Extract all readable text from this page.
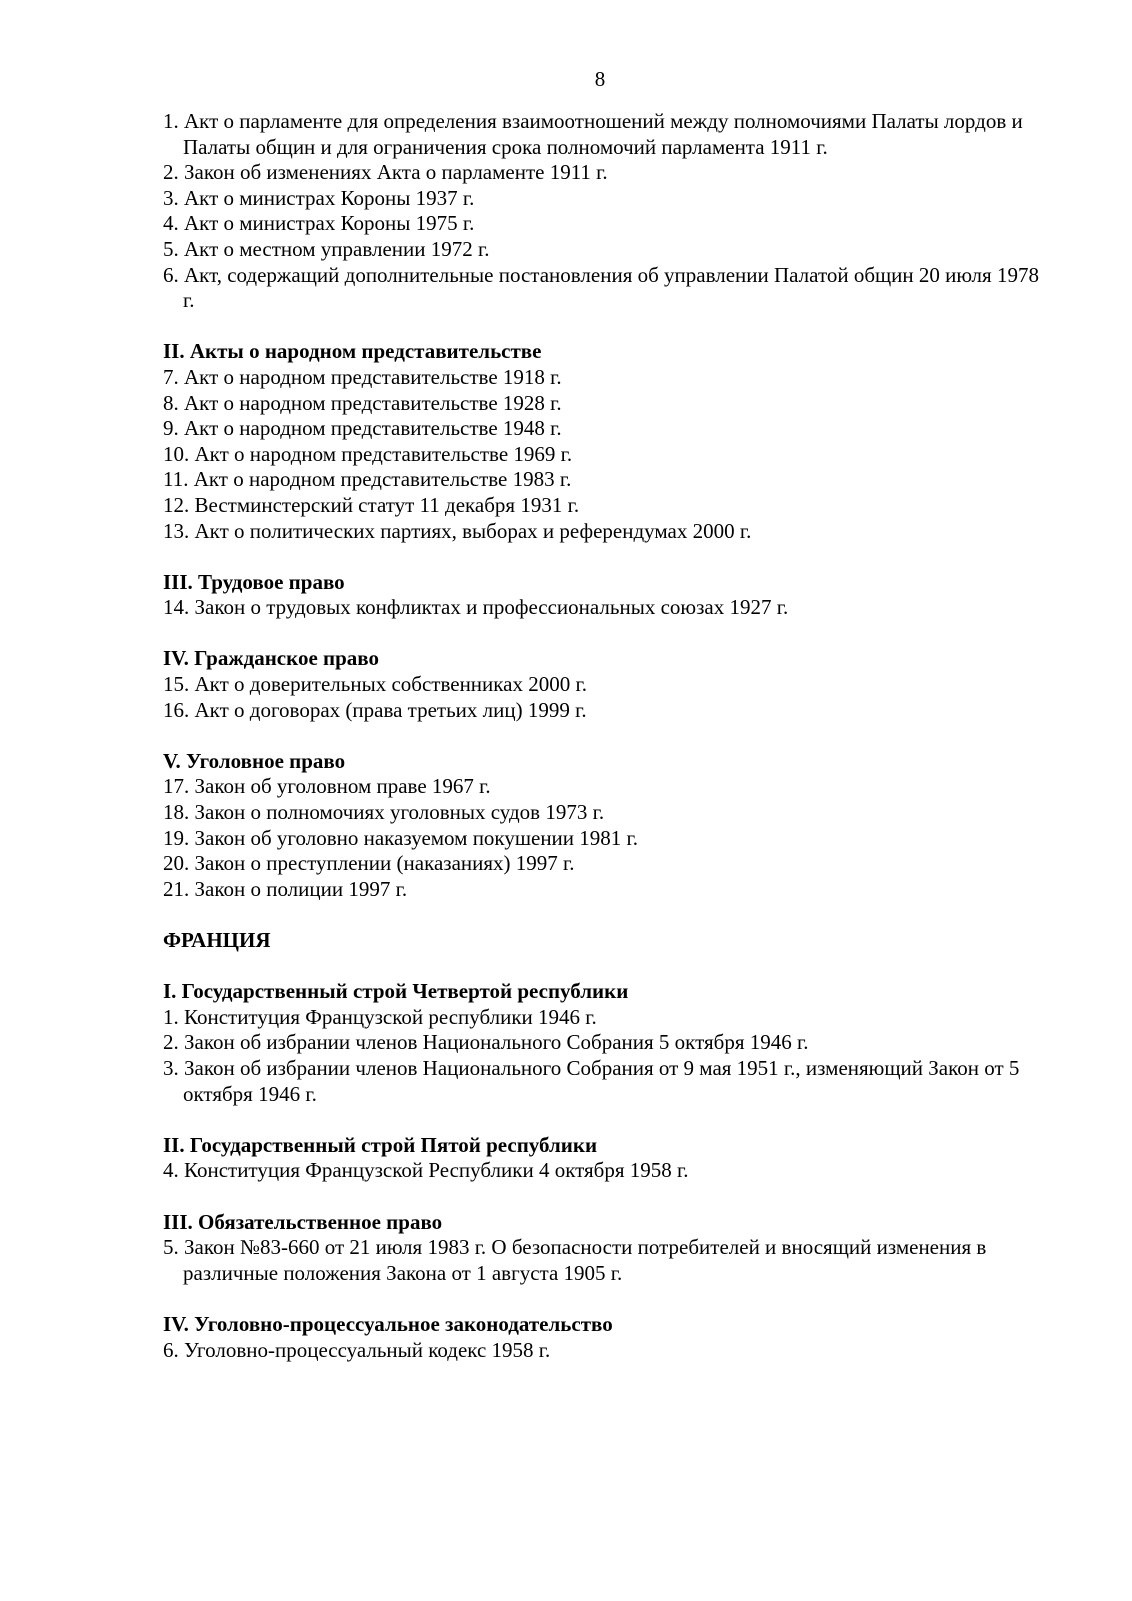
8

1. Акт о парламенте для определения взаимоотношений между полномочиями Палаты лордов и Палаты общин и для ограничения срока полномочий парламента 1911 г.

2. Закон об изменениях Акта о парламенте 1911 г.

3. Акт о министрах Короны 1937 г.

4. Акт о министрах Короны 1975 г.

5. Акт о местном управлении 1972 г.

6. Акт, содержащий дополнительные постановления об управлении Палатой общин 20 июля 1978 г.

II. Акты о народном представительстве

7. Акт о народном представительстве 1918 г.

8. Акт о народном представительстве 1928 г.

9. Акт о народном представительстве 1948 г.

10. Акт о народном представительстве 1969 г.

11. Акт о народном представительстве 1983 г.

12. Вестминстерский статут 11 декабря 1931 г.

13. Акт о политических партиях, выборах и референдумах 2000 г.

III. Трудовое право

14. Закон о трудовых конфликтах и профессиональных союзах 1927 г.

IV. Гражданское право

15. Акт о доверительных собственниках 2000 г.

16. Акт о договорах (права третьих лиц) 1999 г.

V. Уголовное право

17. Закон об уголовном праве 1967 г.

18. Закон о полномочиях уголовных судов 1973 г.

19. Закон об уголовно наказуемом покушении 1981 г.

20. Закон о преступлении (наказаниях) 1997 г.

21. Закон о полиции 1997 г.

ФРАНЦИЯ

I. Государственный строй Четвертой республики

1. Конституция Французской республики 1946 г.

2. Закон об избрании членов Национального Собрания 5 октября 1946 г.

3. Закон об избрании членов Национального Собрания от 9 мая 1951 г., изменяющий Закон от 5 октября 1946 г.

II. Государственный строй Пятой республики

4. Конституция Французской Республики 4 октября 1958 г.

III. Обязательственное право

5. Закон №83-660 от 21 июля 1983 г. О безопасности потребителей и вносящий изменения в различные положения Закона от 1 августа 1905 г.

IV. Уголовно-процессуальное законодательство

6. Уголовно-процессуальный кодекс 1958 г.
